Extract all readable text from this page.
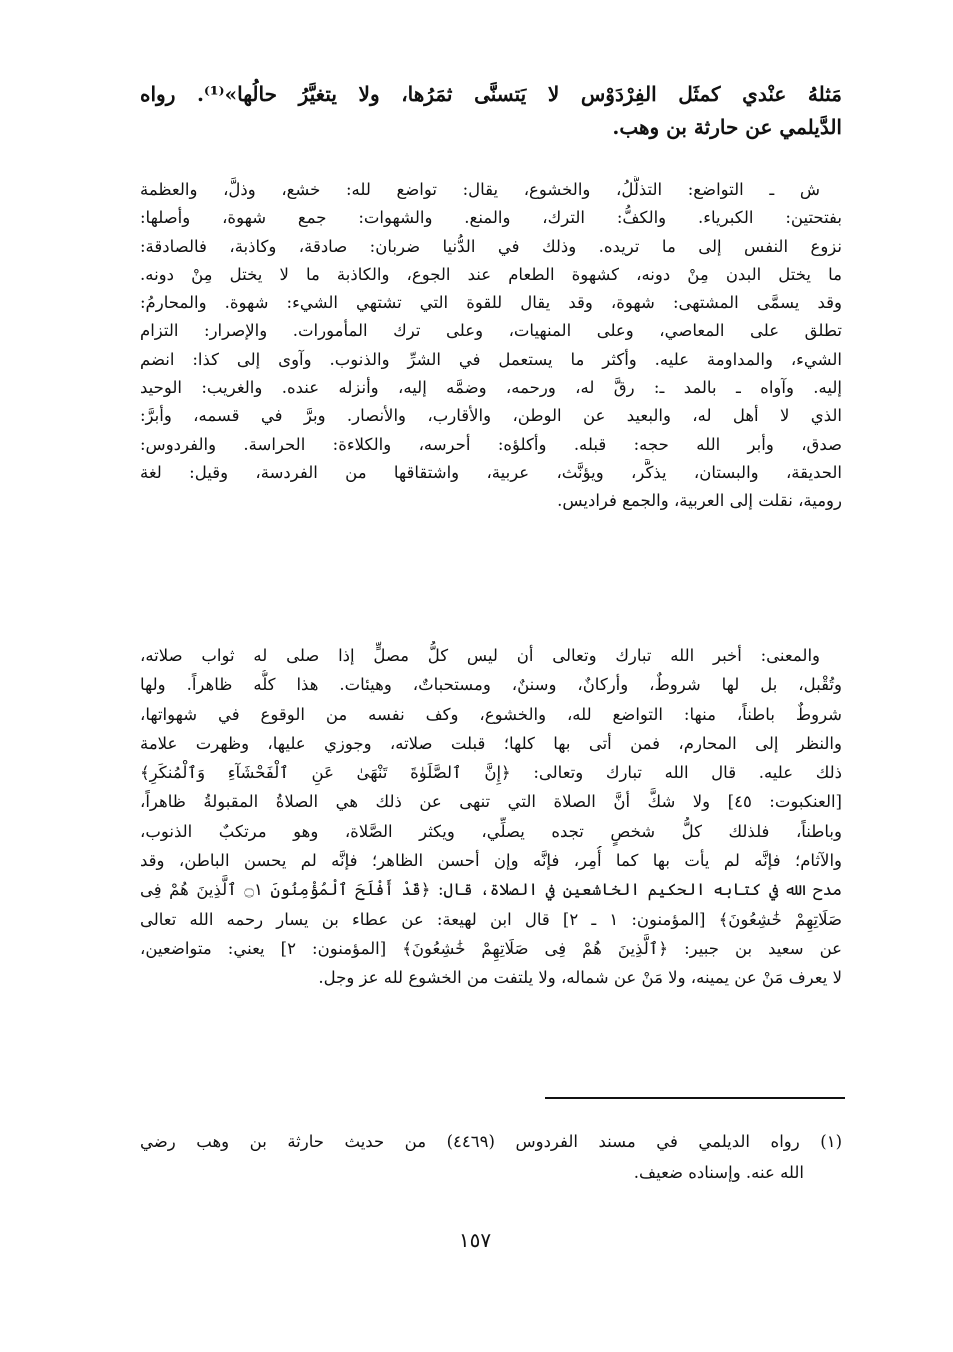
مَثلهُ عنْدي كمثَل الفِرْدَوْس لا يَتسنَّى ثمَرُها، ولا يتغيَّرُ حالُها»⁽¹⁾. رواه
الدَّيلمي عن حارثة بن وهب.
ش ـ التواضع: التذلُّلُ، والخشوع، يقال: تواضع لله: خشع، وذلَّ، والعظمة
بفتحتين: الكبرياء. والكفُّ: الترك، والمنع. والشهوات: جمع شهوة، وأصلها:
نزوع النفس إلى ما تريده. وذلك في الدُّنيا ضربان: صادقة، وكاذبة، فالصادقة:
ما يختل البدن مِنْ دونه، كشهوة الطعام عند الجوع، والكاذبة ما لا يختل مِنْ دونه.
وقد يسمَّى المشتهى: شهوة، وقد يقال للقوة التي تشتهي الشيء: شهوة. والمحارمُ:
تطلق على المعاصي، وعلى المنهيات، وعلى ترك المأمورات. والإصرار: التزام
الشيء، والمداومة عليه. وأكثر ما يستعمل في الشرِّ والذنوب. وآوى إلى كذا: انضم
إليه. وآواه ـ بالمد ـ: رقَّ له، ورحمه، وضمَّه إليه، وأنزله عنده. والغريب: الوحيد
الذي لا أهل له، والبعيد عن الوطن، والأقارب، والأنصار. وبرَّ في قسمه، وأبرَّ:
صدق، وأبر الله حجه: قبله. وأكلؤه: أحرسه، والكلاءة: الحراسة. والفردوس:
الحديقة، والبستان، يذكَّر، ويؤنَّث، عربية، واشتقاقها من الفردسة، وقيل: لغة
رومية، نقلت إلى العربية، والجمع فراديس.
والمعنى: أخبر الله تبارك وتعالى أن ليس كلُّ مصلٍّ إذا صلى له ثواب صلاته،
وتُقْبل، بل لها شروطٌ، وأركانٌ، وسننٌ، ومستحباتٌ، وهيئات. هذا كلُّه ظاهراً. ولها
شروطٌ باطناً، منها: التواضع لله، والخشوع، وكف نفسه من الوقوع في شهواتها،
والنظر إلى المحارم، فمن أتى بها كلها؛ قبلت صلاته، وجوزي عليها، وظهرت علامة
ذلك عليه. قال الله تبارك وتعالى: ﴿إِنَّ ٱلصَّلَوٰةَ تَنْهَىٰ عَنِ ٱلْفَحْشَآءِ وَٱلْمُنكَرِ﴾
[العنكبوت: ٤٥] ولا شكَّ أنَّ الصلاة التي تنهى عن ذلك هي الصلاةُ المقبولةُ ظاهراً،
وباطناً، فلذلك كلُّ شخصٍ تجده يصلِّي، ويكثر الصَّلاة، وهو مرتكبٌ الذنوب،
والآثام؛ فإنَّه لم يأت بها كما أُمِر، فإنَّه وإن أحسن الظاهر؛ فإنَّه لم يحسن الباطن، وقد
مدح الله في كتابه الحكيم الخاشعين في الصلاة، قال: ﴿قَدْ أَفْلَحَ ٱلْمُؤْمِنُونَ ۝١ ٱلَّذِينَ هُمْ فِى
صَلَاتِهِمْ خَٰشِعُونَ﴾ [المؤمنون: ١ ـ ٢] قال ابن لهيعة: عن عطاء بن يسار رحمه الله تعالى
عن سعيد بن جبير: ﴿ٱلَّذِينَ هُمْ فِى صَلَاتِهِمْ خَٰشِعُونَ﴾ [المؤمنون: ٢] يعني: متواضعين،
لا يعرف مَنْ عن يمينه، ولا مَنْ عن شماله، ولا يلتفت من الخشوع لله عز وجل.
(١) رواه الديلمي في مسند الفردوس (٤٤٦٩) من حديث حارثة بن وهب رضي
الله عنه. وإسناده ضعيف.
١٥٧
